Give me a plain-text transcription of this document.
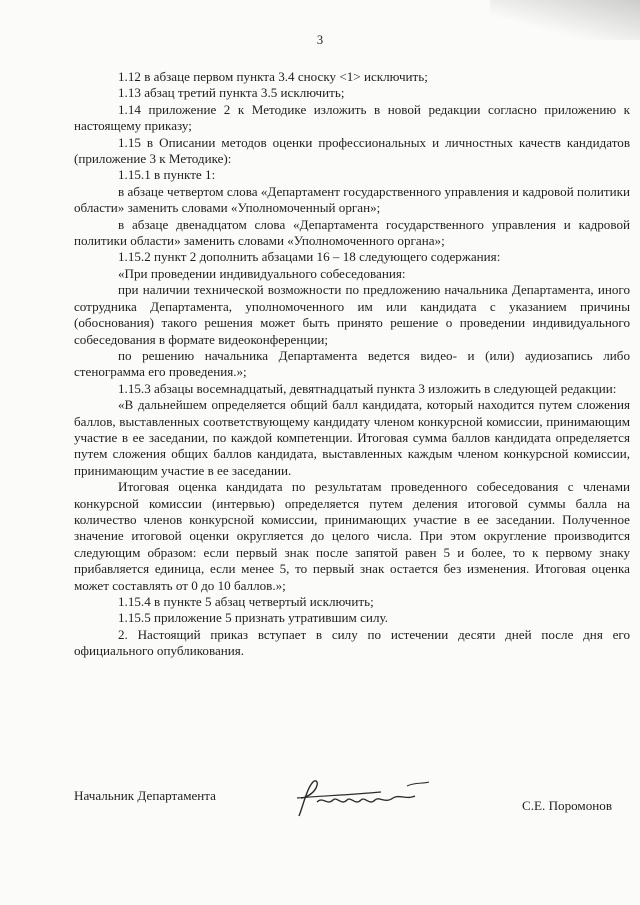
3

1.12 в абзаце первом пункта 3.4 сноску <1> исключить;

1.13 абзац третий пункта 3.5 исключить;

1.14 приложение 2 к Методике изложить в новой редакции согласно приложению к настоящему приказу;

1.15 в Описании методов оценки профессиональных и личностных качеств кандидатов (приложение 3 к Методике):

1.15.1 в пункте 1:

в абзаце четвертом слова «Департамент государственного управления и кадровой политики области» заменить словами «Уполномоченный орган»;

в абзаце двенадцатом слова «Департамента государственного управления и кадровой политики области» заменить словами «Уполномоченного органа»;

1.15.2 пункт 2 дополнить абзацами 16 – 18 следующего содержания:

«При проведении индивидуального собеседования:

при наличии технической возможности по предложению начальника Департамента, иного сотрудника Департамента, уполномоченного им или кандидата с указанием причины (обоснования) такого решения может быть принято решение о проведении индивидуального собеседования в формате видеоконференции;

по решению начальника Департамента ведется видео- и (или) аудиозапись либо стенограмма его проведения.»;

1.15.3 абзацы восемнадцатый, девятнадцатый пункта 3 изложить в следующей редакции:

«В дальнейшем определяется общий балл кандидата, который находится путем сложения баллов, выставленных соответствующему кандидату членом конкурсной комиссии, принимающим участие в ее заседании, по каждой компетенции. Итоговая сумма баллов кандидата определяется путем сложения общих баллов кандидата, выставленных каждым членом конкурсной комиссии, принимающим участие в ее заседании.

Итоговая оценка кандидата по результатам проведенного собеседования с членами конкурсной комиссии (интервью) определяется путем деления итоговой суммы балла на количество членов конкурсной комиссии, принимающих участие в ее заседании. Полученное значение итоговой оценки округляется до целого числа. При этом округление производится следующим образом: если первый знак после запятой равен 5 и более, то к первому знаку прибавляется единица, если менее 5, то первый знак остается без изменения. Итоговая оценка может составлять от 0 до 10 баллов.»;

1.15.4 в пункте 5 абзац четвертый исключить;

1.15.5 приложение 5 признать утратившим силу.

2. Настоящий приказ вступает в силу по истечении десяти дней после дня его официального опубликования.

Начальник Департамента
С.Е. Поромонов
